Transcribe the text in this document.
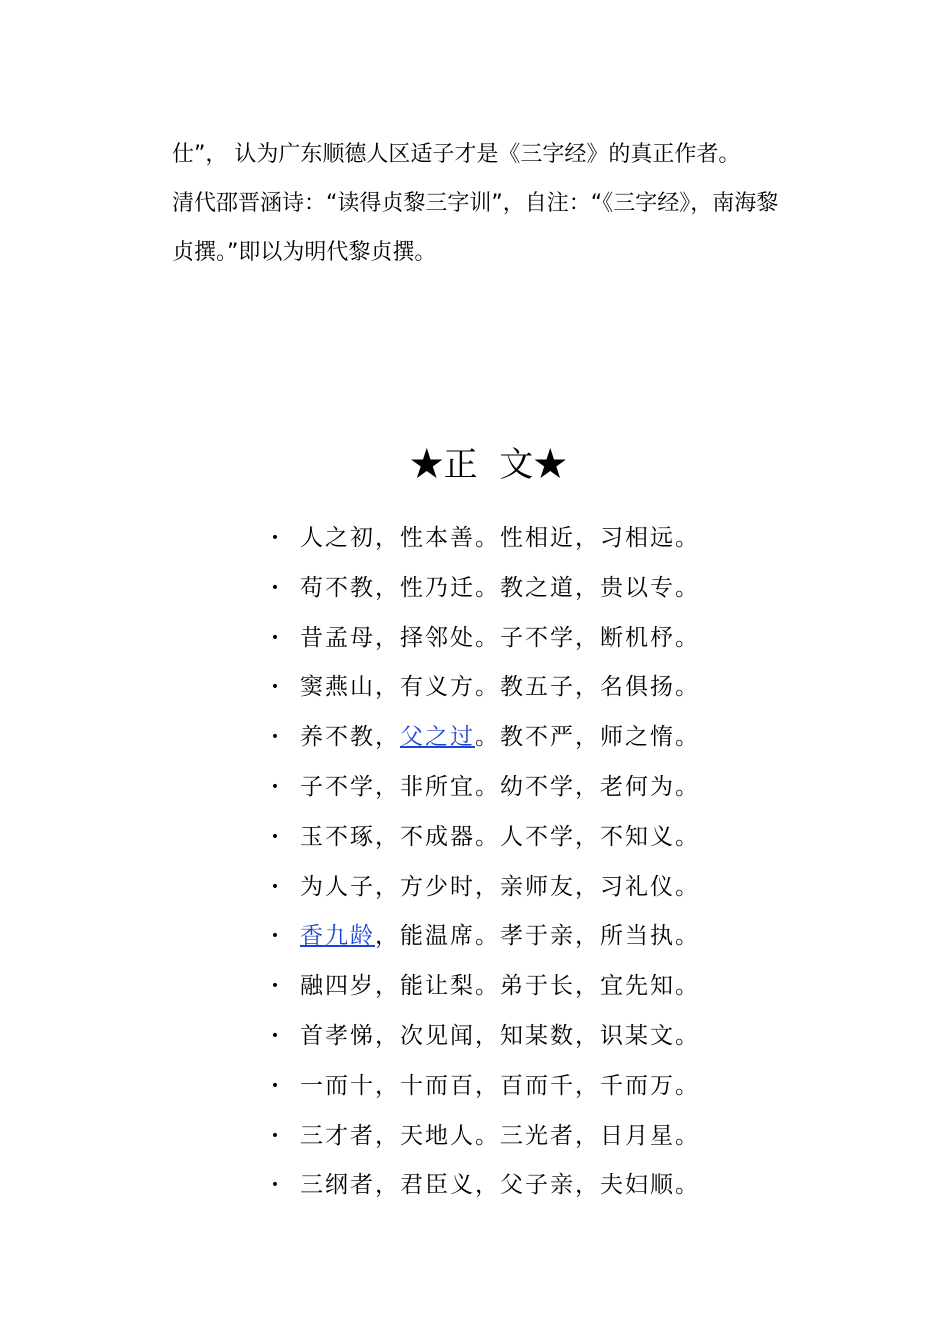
仕”， 认为广东顺德人区适子才是《三字经》的真正作者。

清代邵晋涵诗：“读得贞黎三字训”，自注：“《三字经》，南海黎

贞撰。”即以为明代黎贞撰。

★正  文★
• 人之初，性本善。性相近，习相远。
• 苟不教，性乃迁。教之道，贵以专。
• 昔孟母，择邻处。子不学，断机杼。
• 窦燕山，有义方。教五子，名俱扬。
• 养不教，父之过。教不严，师之惰。
• 子不学，非所宜。幼不学，老何为。
• 玉不琢，不成器。人不学，不知义。
• 为人子，方少时，亲师友，习礼仪。
• 香九龄，能温席。孝于亲，所当执。
• 融四岁，能让梨。弟于长，宜先知。
• 首孝悌，次见闻，知某数，识某文。
• 一而十，十而百，百而千，千而万。
• 三才者，天地人。三光者，日月星。
• 三纲者，君臣义，父子亲，夫妇顺。
